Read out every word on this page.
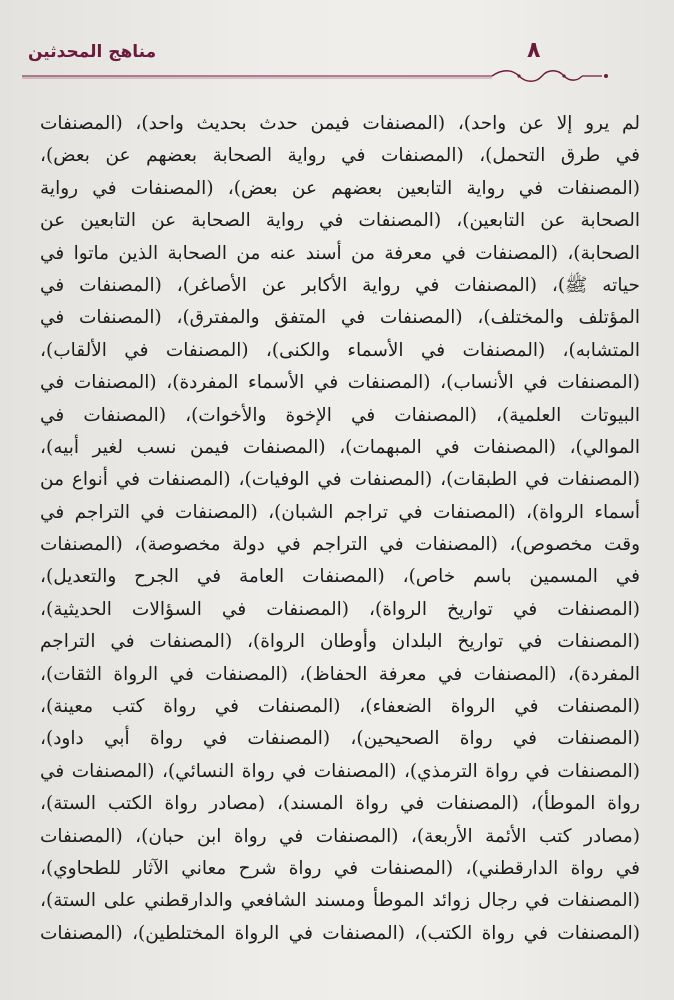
مناهج المحدثين	٨
لم يرو إلا عن واحد)، (المصنفات فيمن حدث بحديث واحد)، (المصنفات
في طرق التحمل)، (المصنفات في رواية الصحابة بعضهم عن بعض)،
(المصنفات في رواية التابعين بعضهم عن بعض)، (المصنفات في رواية
الصحابة عن التابعين)، (المصنفات في رواية الصحابة عن التابعين عن
الصحابة)، (المصنفات في معرفة من أسند عنه من الصحابة الذين ماتوا في
حياته ﷺ)، (المصنفات في رواية الأكابر عن الأصاغر)، (المصنفات في
المؤتلف والمختلف)، (المصنفات في المتفق والمفترق)، (المصنفات في
المتشابه)، (المصنفات في الأسماء والكنى)، (المصنفات في الألقاب)،
(المصنفات في الأنساب)، (المصنفات في الأسماء المفردة)، (المصنفات في
البيوتات العلمية)، (المصنفات في الإخوة والأخوات)، (المصنفات في
الموالي)، (المصنفات في المبهمات)، (المصنفات فيمن نسب لغير أبيه)،
(المصنفات في الطبقات)، (المصنفات في الوفيات)، (المصنفات في أنواع من
أسماء الرواة)، (المصنفات في تراجم الشبان)، (المصنفات في التراجم في
وقت مخصوص)، (المصنفات في التراجم في دولة مخصوصة)، (المصنفات
في المسمين باسم خاص)، (المصنفات العامة في الجرح والتعديل)،
(المصنفات في تواريخ الرواة)، (المصنفات في السؤالات الحديثية)،
(المصنفات في تواريخ البلدان وأوطان الرواة)، (المصنفات في التراجم
المفردة)، (المصنفات في معرفة الحفاظ)، (المصنفات في الرواة الثقات)،
(المصنفات في الرواة الضعفاء)، (المصنفات في رواة كتب معينة)،
(المصنفات في رواة الصحيحين)، (المصنفات في رواة أبي داود)،
(المصنفات في رواة الترمذي)، (المصنفات في رواة النسائي)، (المصنفات في
رواة الموطأ)، (المصنفات في رواة المسند)، (مصادر رواة الكتب الستة)،
(مصادر كتب الأئمة الأربعة)، (المصنفات في رواة ابن حبان)، (المصنفات
في رواة الدارقطني)، (المصنفات في رواة شرح معاني الآثار للطحاوي)،
(المصنفات في رجال زوائد الموطأ ومسند الشافعي والدارقطني على الستة)،
(المصنفات في رواة الكتب)، (المصنفات في الرواة المختلطين)، (المصنفات
